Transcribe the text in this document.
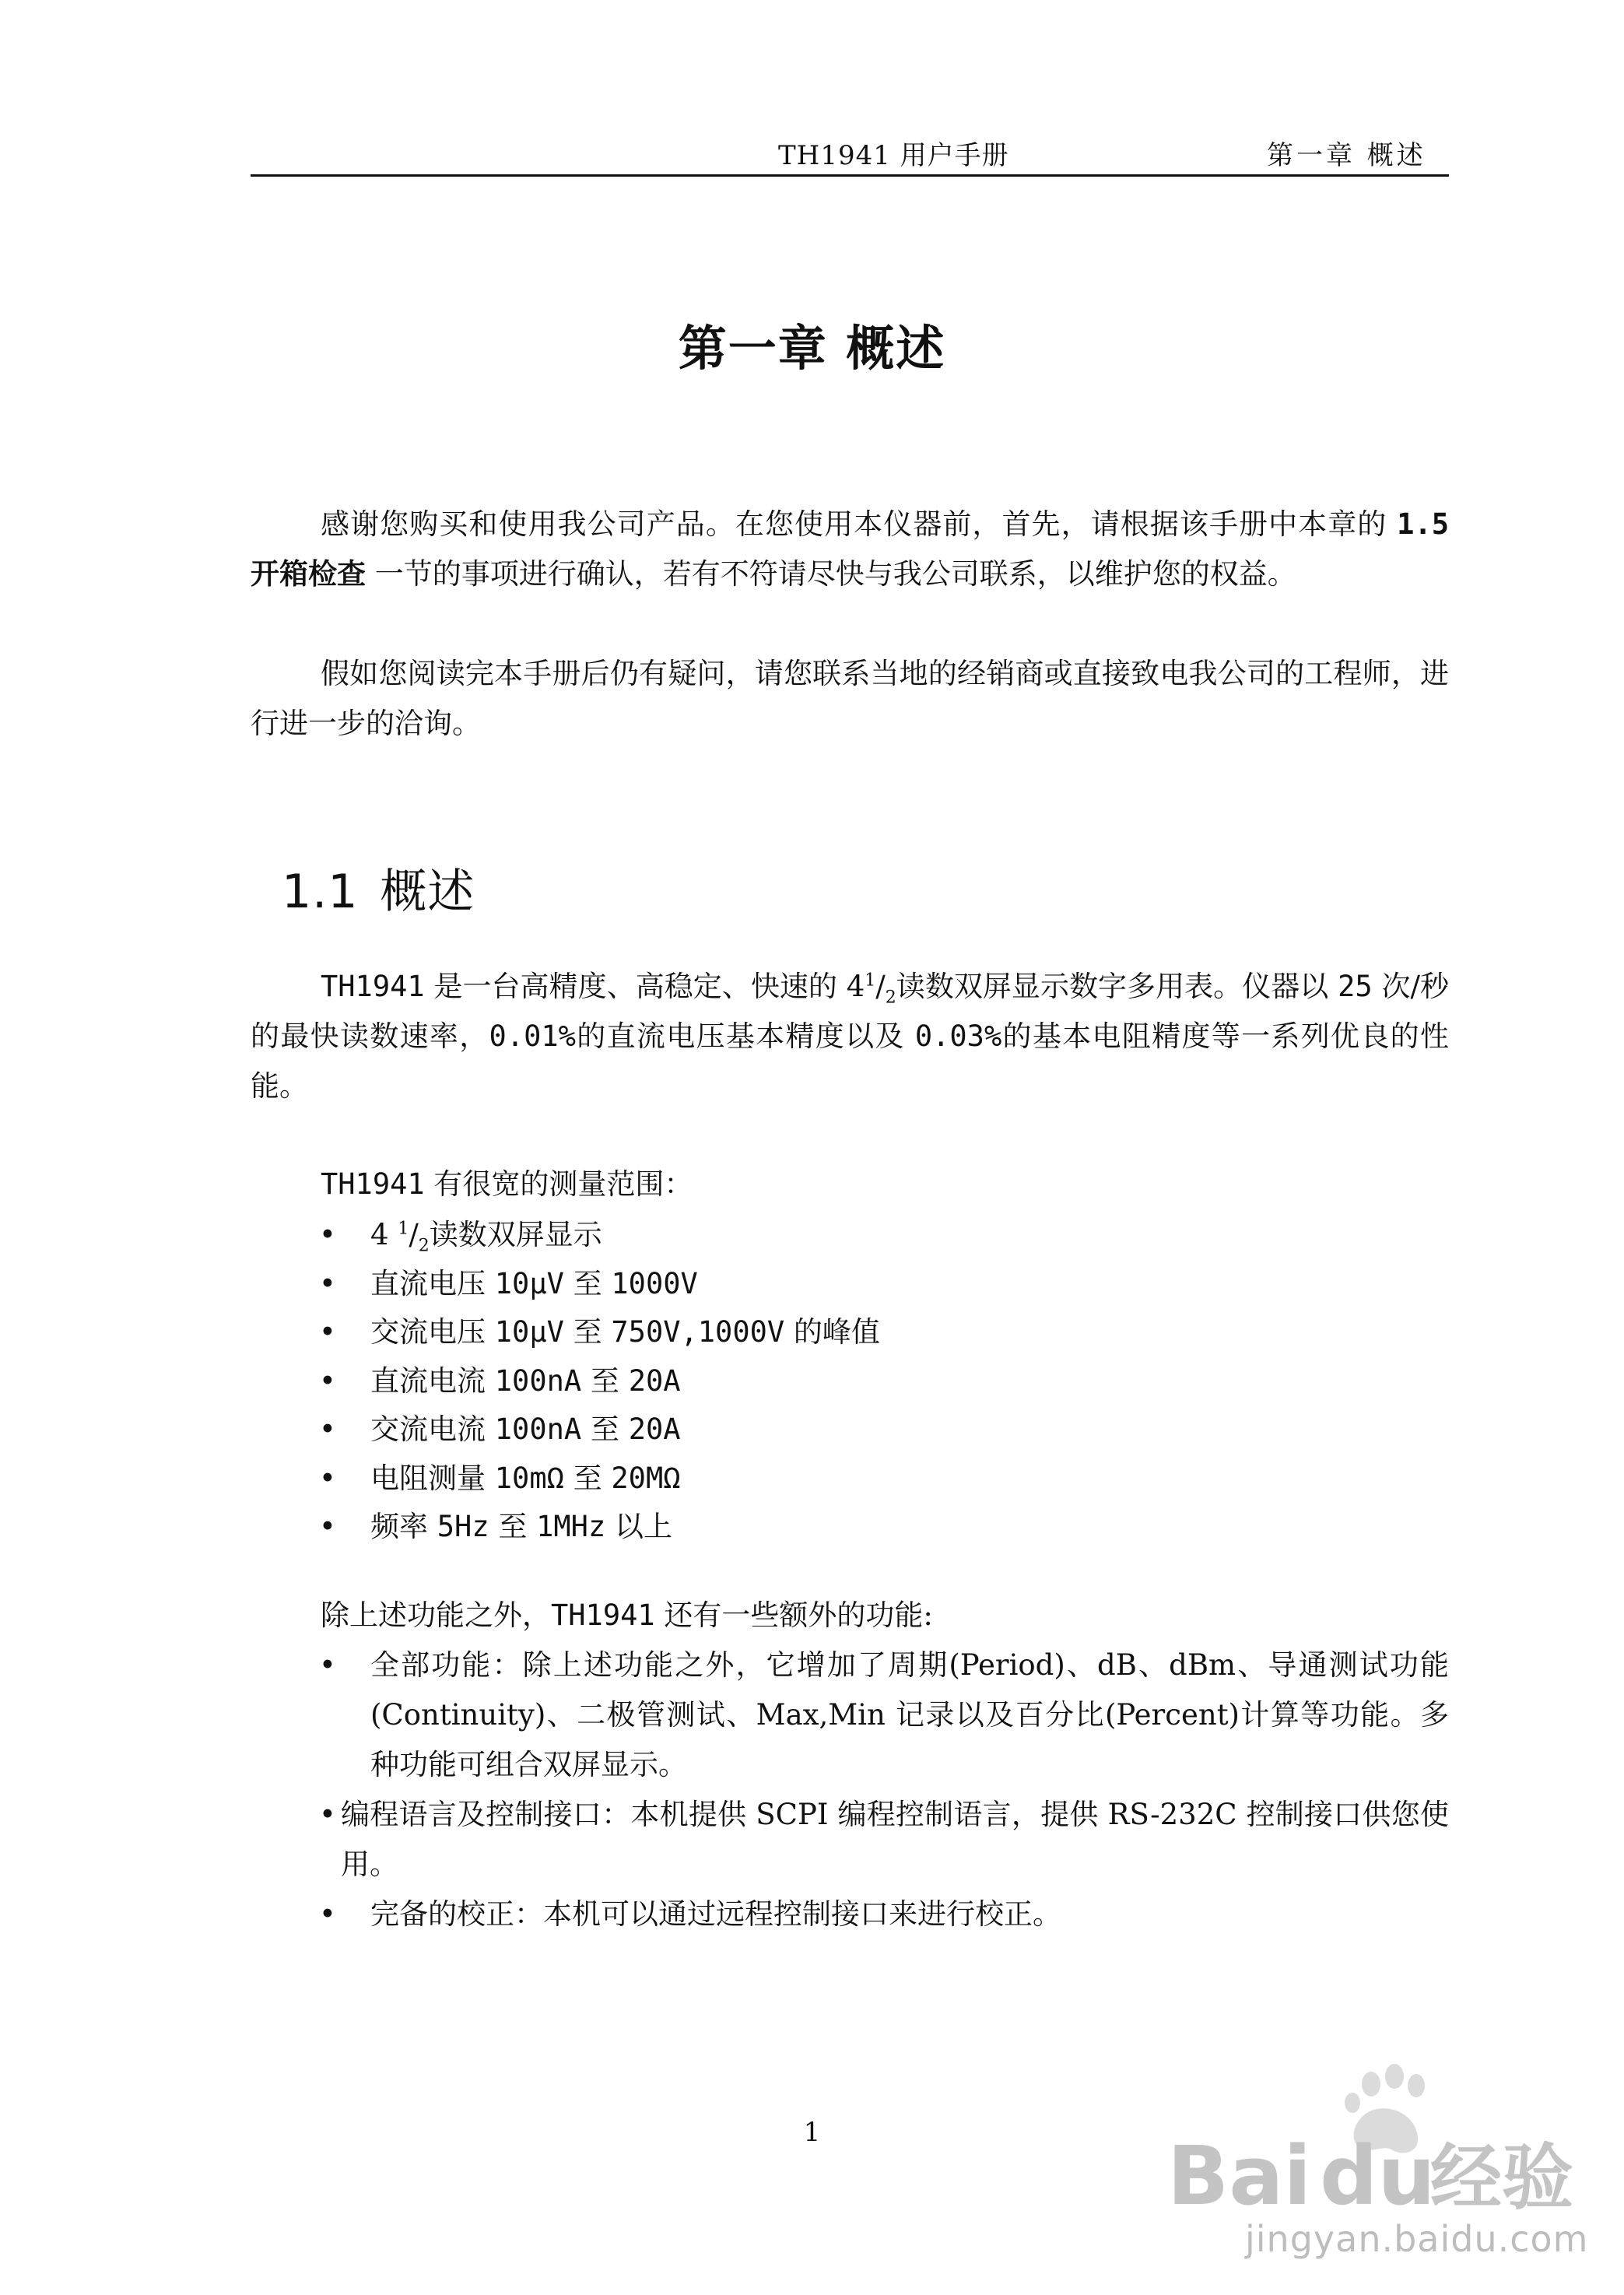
TH1941 用户手册	第一章 概述
第一章 概述

感谢您购买和使用我公司产品。在您使用本仪器前，首先，请根据该手册中本章的 1.5 开箱检查 一节的事项进行确认，若有不符请尽快与我公司联系，以维护您的权益。

假如您阅读完本手册后仍有疑问，请您联系当地的经销商或直接致电我公司的工程师，进行进一步的洽询。

1.1 概述

TH1941 是一台高精度、高稳定、快速的 $4^1/_2$读数双屏显示数字多用表。仪器以 25 次/秒的最快读数速率，0.01%的直流电压基本精度以及 0.03%的基本电阻精度等一系列优良的性能。

TH1941 有很宽的测量范围：

• 4 $^1/_2$读数双屏显示
• 直流电压 10μV 至 1000V
• 交流电压 10μV 至 750V,1000V 的峰值
• 直流电流 100nA 至 20A
• 交流电流 100nA 至 20A
• 电阻测量 10mΩ 至 20MΩ
• 频率 5Hz 至 1MHz 以上

除上述功能之外，TH1941 还有一些额外的功能:

• 全部功能：除上述功能之外，它增加了周期(Period)、dB、dBm、导通测试功能(Continuity)、二极管测试、Max,Min 记录以及百分比(Percent)计算等功能。多种功能可组合双屏显示。
• 编程语言及控制接口：本机提供 SCPI 编程控制语言，提供 RS-232C 控制接口供您使用。
• 完备的校正：本机可以通过远程控制接口来进行校正。
1	Bai du
经验
jingyan.baidu.com
